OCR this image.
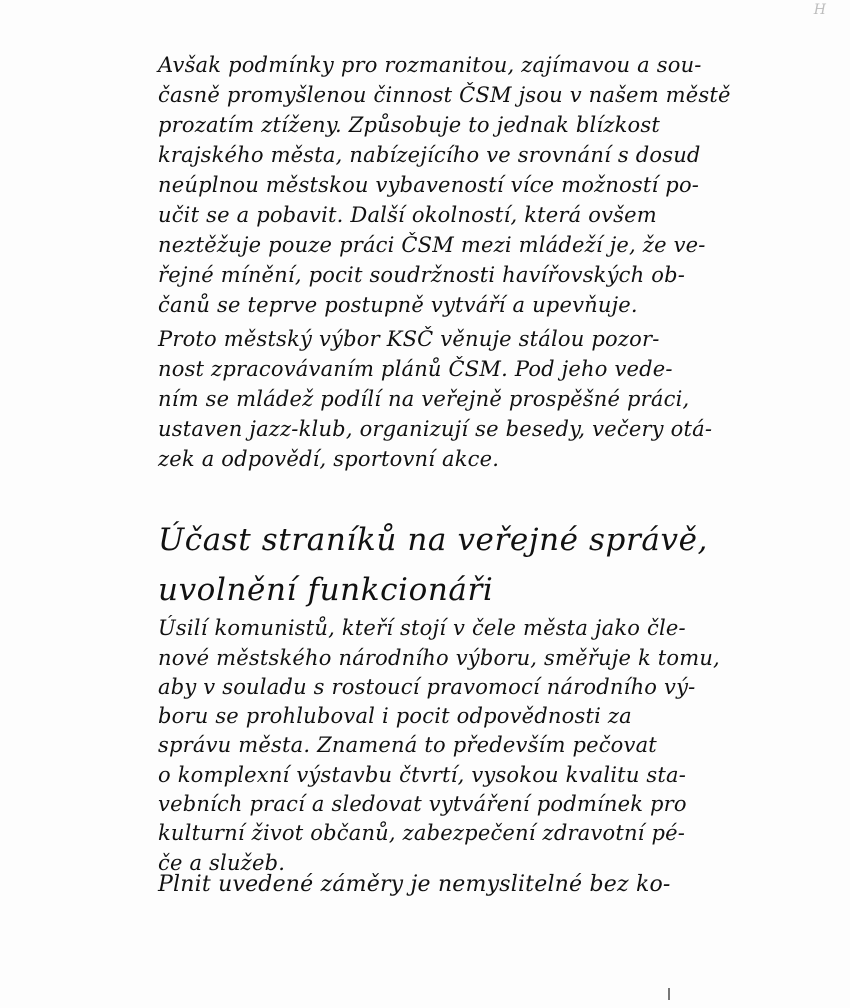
H
Avšak podmínky pro rozmanitou, zajímavou a sou-
časně promyšlenou činnost ČSM jsou v našem městě
prozatím ztíženy. Způsobuje to jednak blízkost
krajského města, nabízejícího ve srovnání s dosud
neúplnou městskou vybaveností více možností po-
učit se a pobavit. Další okolností, která ovšem
neztěžuje pouze práci ČSM mezi mládeží je, že ve-
řejné mínění, pocit soudržnosti havířovských ob-
čanů se teprve postupně vytváří a upevňuje.
Proto městský výbor KSČ věnuje stálou pozor-
nost zpracovávaním plánů ČSM. Pod jeho vede-
ním se mládež podílí na veřejně prospěšné práci,
ustaven jazz-klub, organizují se besedy, večery otá-
zek a odpovědí, sportovní akce.
Účast straníků na veřejné správě,
uvolnění funkcionáři
Úsilí komunistů, kteří stojí v čele města jako čle-
nové městského národního výboru, směřuje k tomu,
aby v souladu s rostoucí pravomocí národního vý-
boru se prohluboval i pocit odpovědnosti za
správu města. Znamená to především pečovat
o komplexní výstavbu čtvrtí, vysokou kvalitu sta-
vebních prací a sledovat vytváření podmínek pro
kulturní život občanů, zabezpečení zdravotní pé-
če a služeb.
Plnit uvedené záměry je nemyslitelné bez ko-
